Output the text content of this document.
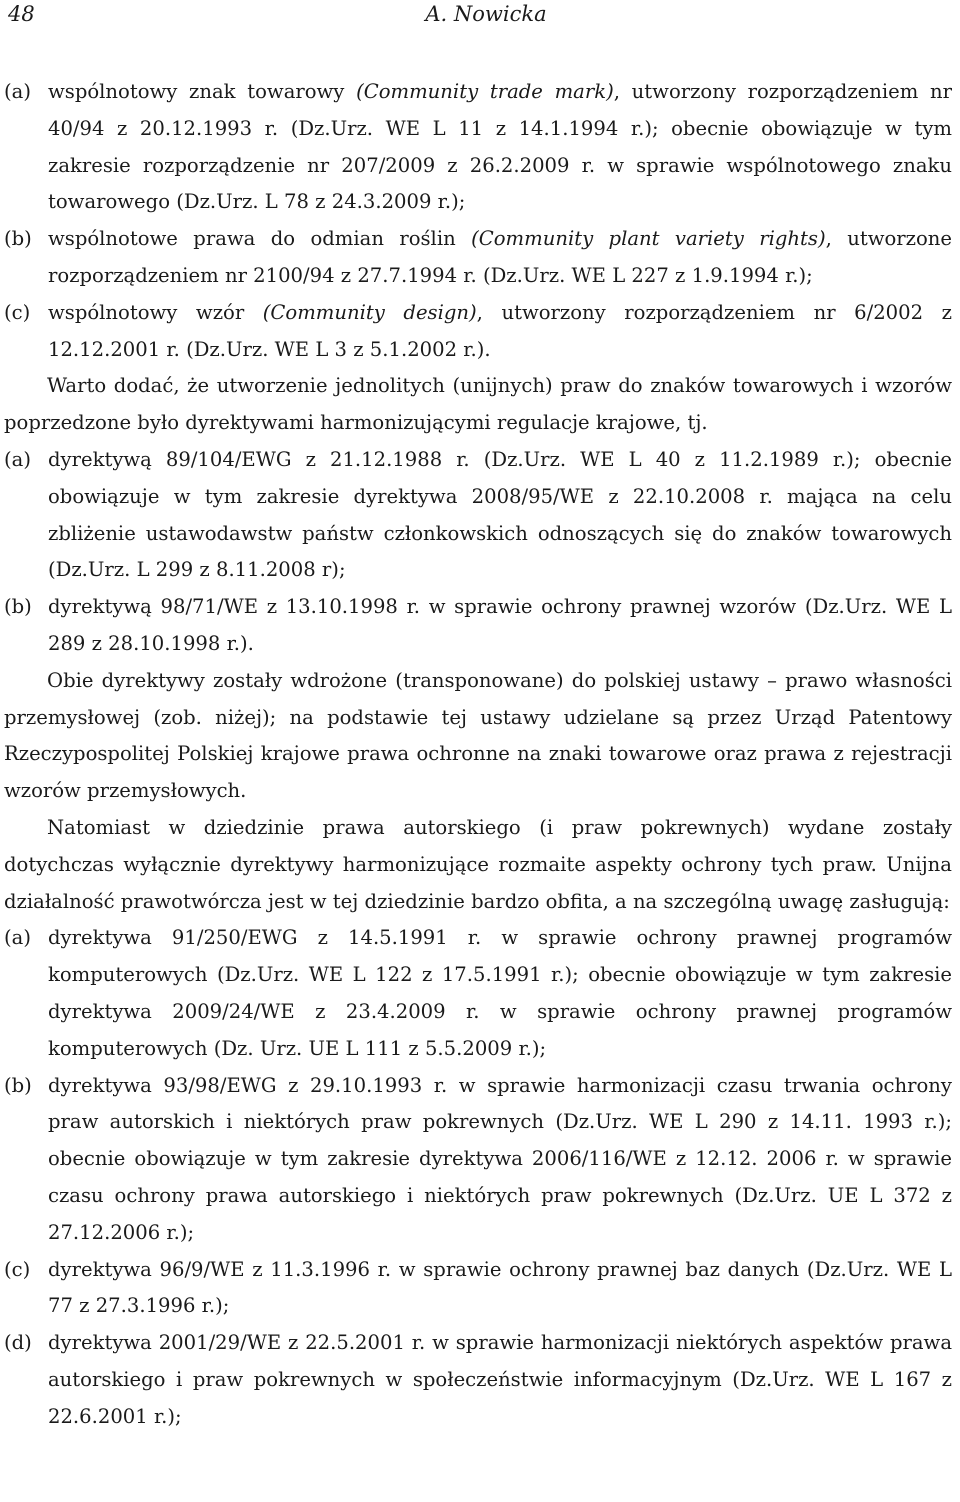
48	A. Nowicka
(a) wspólnotowy znak towarowy (Community trade mark), utworzony rozporządzeniem nr 40/94 z 20.12.1993 r. (Dz.Urz. WE L 11 z 14.1.1994 r.); obecnie obowiązuje w tym zakresie rozporządzenie nr 207/2009 z 26.2.2009 r. w sprawie wspólnotowego znaku towarowego (Dz.Urz. L 78 z 24.3.2009 r.);
(b) wspólnotowe prawa do odmian roślin (Community plant variety rights), utworzone rozporządzeniem nr 2100/94 z 27.7.1994 r. (Dz.Urz. WE L 227 z 1.9.1994 r.);
(c) wspólnotowy wzór (Community design), utworzony rozporządzeniem nr 6/2002 z 12.12.2001 r. (Dz.Urz. WE L 3 z 5.1.2002 r.).

Warto dodać, że utworzenie jednolitych (unijnych) praw do znaków towarowych i wzorów poprzedzone było dyrektywami harmonizującymi regulacje krajowe, tj.

(a) dyrektywą 89/104/EWG z 21.12.1988 r. (Dz.Urz. WE L 40 z 11.2.1989 r.); obecnie obowiązuje w tym zakresie dyrektywa 2008/95/WE z 22.10.2008 r. mająca na celu zbliżenie ustawodawstw państw członkowskich odnoszących się do znaków towarowych (Dz.Urz. L 299 z 8.11.2008 r);
(b) dyrektywą 98/71/WE z 13.10.1998 r. w sprawie ochrony prawnej wzorów (Dz.Urz. WE L 289 z 28.10.1998 r.).

Obie dyrektywy zostały wdrożone (transponowane) do polskiej ustawy – prawo własności przemysłowej (zob. niżej); na podstawie tej ustawy udzielane są przez Urząd Patentowy Rzeczypospolitej Polskiej krajowe prawa ochronne na znaki towarowe oraz prawa z rejestracji wzorów przemysłowych.

Natomiast w dziedzinie prawa autorskiego (i praw pokrewnych) wydane zostały dotychczas wyłącznie dyrektywy harmonizujące rozmaite aspekty ochrony tych praw. Unijna działalność prawotwórcza jest w tej dziedzinie bardzo obfita, a na szczególną uwagę zasługują:

(a) dyrektywa 91/250/EWG z 14.5.1991 r. w sprawie ochrony prawnej programów komputerowych (Dz.Urz. WE L 122 z 17.5.1991 r.); obecnie obowiązuje w tym zakresie dyrektywa 2009/24/WE z 23.4.2009 r. w sprawie ochrony prawnej programów komputerowych (Dz. Urz. UE L 111 z 5.5.2009 r.);
(b) dyrektywa 93/98/EWG z 29.10.1993 r. w sprawie harmonizacji czasu trwania ochrony praw autorskich i niektórych praw pokrewnych (Dz.Urz. WE L 290 z 14.11. 1993 r.); obecnie obowiązuje w tym zakresie dyrektywa 2006/116/WE z 12.12. 2006 r. w sprawie czasu ochrony prawa autorskiego i niektórych praw pokrewnych (Dz.Urz. UE L 372 z 27.12.2006 r.);
(c) dyrektywa 96/9/WE z 11.3.1996 r. w sprawie ochrony prawnej baz danych (Dz.Urz. WE L 77 z 27.3.1996 r.);
(d) dyrektywa 2001/29/WE z 22.5.2001 r. w sprawie harmonizacji niektórych aspektów prawa autorskiego i praw pokrewnych w społeczeństwie informacyjnym (Dz.Urz. WE L 167 z 22.6.2001 r.);
